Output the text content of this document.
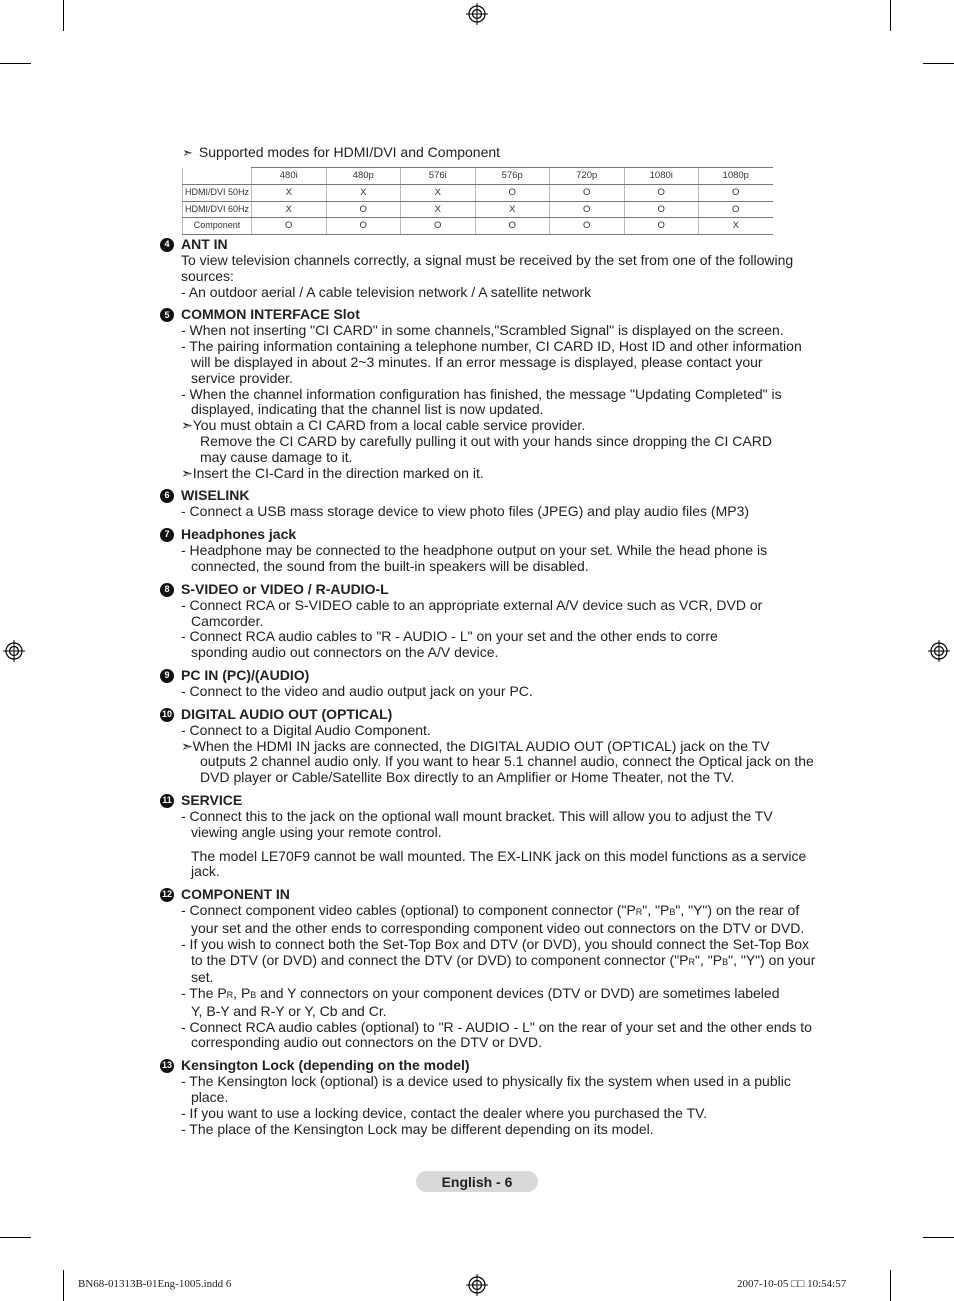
➣ Supported modes for HDMI/DVI and Component
	480i	480p	576i	576p	720p	1080i	1080p
HDMI/DVI 50Hz	X	X	X	O	O	O	O
HDMI/DVI 60Hz	X	O	X	X	O	O	O
Component	O	O	O	O	O	O	X
4 ANT IN
To view television channels correctly, a signal must be received by the set from one of the following
sources:
- An outdoor aerial / A cable television network / A satellite network
5 COMMON INTERFACE Slot
- When not inserting "CI CARD" in some channels,"Scrambled Signal" is displayed on the screen.
- The pairing information containing a telephone number, CI CARD ID, Host ID and other information
will be displayed in about 2~3 minutes. If an error message is displayed, please contact your
service provider.
- When the channel information configuration has finished, the message "Updating Completed" is
displayed, indicating that the channel list is now updated.
➣You must obtain a CI CARD from a local cable service provider.
Remove the CI CARD by carefully pulling it out with your hands since dropping the CI CARD
may cause damage to it.
➣Insert the CI-Card in the direction marked on it.
6 WISELINK
- Connect a USB mass storage device to view photo files (JPEG) and play audio files (MP3)
7 Headphones jack
- Headphone may be connected to the headphone output on your set. While the head phone is
connected, the sound from the built-in speakers will be disabled.
8 S-VIDEO or VIDEO / R-AUDIO-L
- Connect RCA or S-VIDEO cable to an appropriate external A/V device such as VCR, DVD or
Camcorder.
- Connect RCA audio cables to "R - AUDIO - L" on your set and the other ends to corre
sponding audio out connectors on the A/V device.
9 PC IN (PC)/(AUDIO)
- Connect to the video and audio output jack on your PC.
10 DIGITAL AUDIO OUT (OPTICAL)
- Connect to a Digital Audio Component.
➣When the HDMI IN jacks are connected, the DIGITAL AUDIO OUT (OPTICAL) jack on the TV
outputs 2 channel audio only. If you want to hear 5.1 channel audio, connect the Optical jack on the
DVD player or Cable/Satellite Box directly to an Amplifier or Home Theater, not the TV.
11 SERVICE
- Connect this to the jack on the optional wall mount bracket. This will allow you to adjust the TV
viewing angle using your remote control.
The model LE70F9 cannot be wall mounted. The EX-LINK jack on this model functions as a service
jack.
12 COMPONENT IN
- Connect component video cables (optional) to component connector ("PR", "PB", "Y") on the rear of
your set and the other ends to corresponding component video out connectors on the DTV or DVD.
- If you wish to connect both the Set-Top Box and DTV (or DVD), you should connect the Set-Top Box
to the DTV (or DVD) and connect the DTV (or DVD) to component connector ("PR", "PB", "Y") on your
set.
- The PR, PB and Y connectors on your component devices (DTV or DVD) are sometimes labeled
Y, B-Y and R-Y or Y, Cb and Cr.
- Connect RCA audio cables (optional) to "R - AUDIO - L" on the rear of your set and the other ends to
corresponding audio out connectors on the DTV or DVD.
13 Kensington Lock (depending on the model)
- The Kensington lock (optional) is a device used to physically fix the system when used in a public
place.
- If you want to use a locking device, contact the dealer where you purchased the TV.
- The place of the Kensington Lock may be different depending on its model.
English - 6
BN68-01313B-01Eng-1005.indd 6	2007-10-05 □□ 10:54:57
